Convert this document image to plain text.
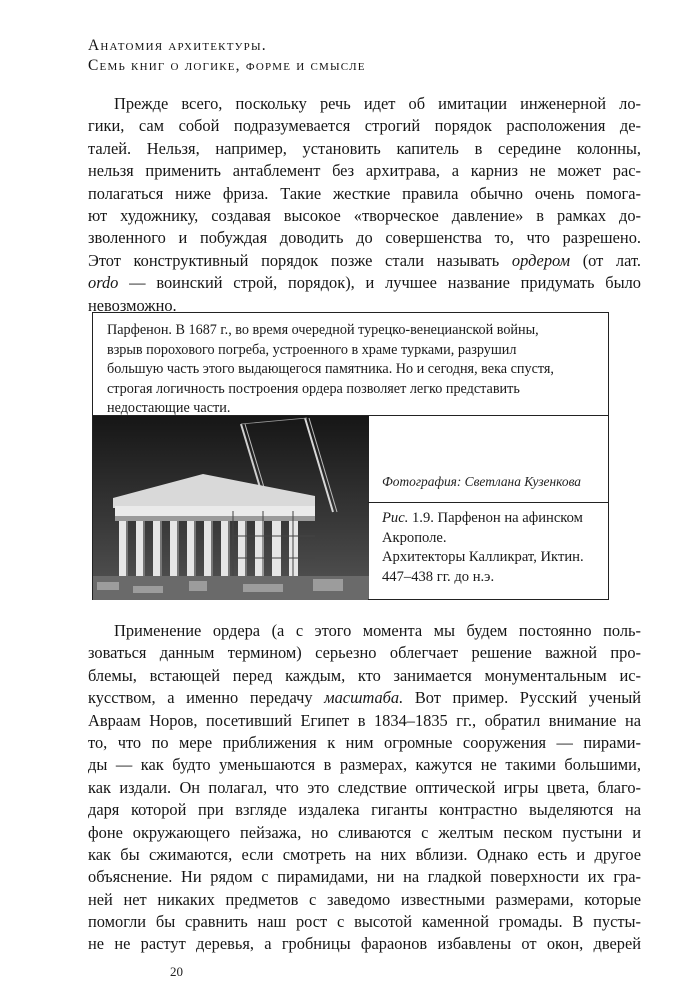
Анатомия архитектуры.
Семь книг о логике, форме и смысле
Прежде всего, поскольку речь идет об имитации инженерной ло-
гики, сам собой подразумевается строгий порядок расположения де-
талей. Нельзя, например, установить капитель в середине колонны,
нельзя применить антаблемент без архитрава, а карниз не может рас-
полагаться ниже фриза. Такие жесткие правила обычно очень помога-
ют художнику, создавая высокое «творческое давление» в рамках до-
зволенного и побуждая доводить до совершенства то, что разрешено.
Этот конструктивный порядок позже стали называть ордером (от лат.
ordo — воинский строй, порядок), и лучшее название придумать было
невозможно.
Парфенон. В 1687 г., во время очередной турецко-венецианской войны,
взрыв порохового погреба, устроенного в храме турками, разрушил
большую часть этого выдающегося памятника. Но и сегодня, века спустя,
строгая логичность построения ордера позволяет легко представить
недостающие части.
Фотография: Светлана Кузенкова
Рис. 1.9. Парфенон на афинском
Акрополе.
Архитекторы Калликрат, Иктин.
447–438 гг. до н.э.
Применение ордера (а с этого момента мы будем постоянно поль-
зоваться данным термином) серьезно облегчает решение важной про-
блемы, встающей перед каждым, кто занимается монументальным ис-
кусством, а именно передачу масштаба. Вот пример. Русский ученый
Авраам Норов, посетивший Египет в 1834–1835 гг., обратил внимание на
то, что по мере приближения к ним огромные сооружения — пирами-
ды — как будто уменьшаются в размерах, кажутся не такими большими,
как издали. Он полагал, что это следствие оптической игры цвета, благо-
даря которой при взгляде издалека гиганты контрастно выделяются на
фоне окружающего пейзажа, но сливаются с желтым песком пустыни и
как бы сжимаются, если смотреть на них вблизи. Однако есть и другое
объяснение. Ни рядом с пирамидами, ни на гладкой поверхности их гра-
ней нет никаких предметов с заведомо известными размерами, которые
помогли бы сравнить наш рост с высотой каменной громады. В пусты-
не не растут деревья, а гробницы фараонов избавлены от окон, дверей
20
